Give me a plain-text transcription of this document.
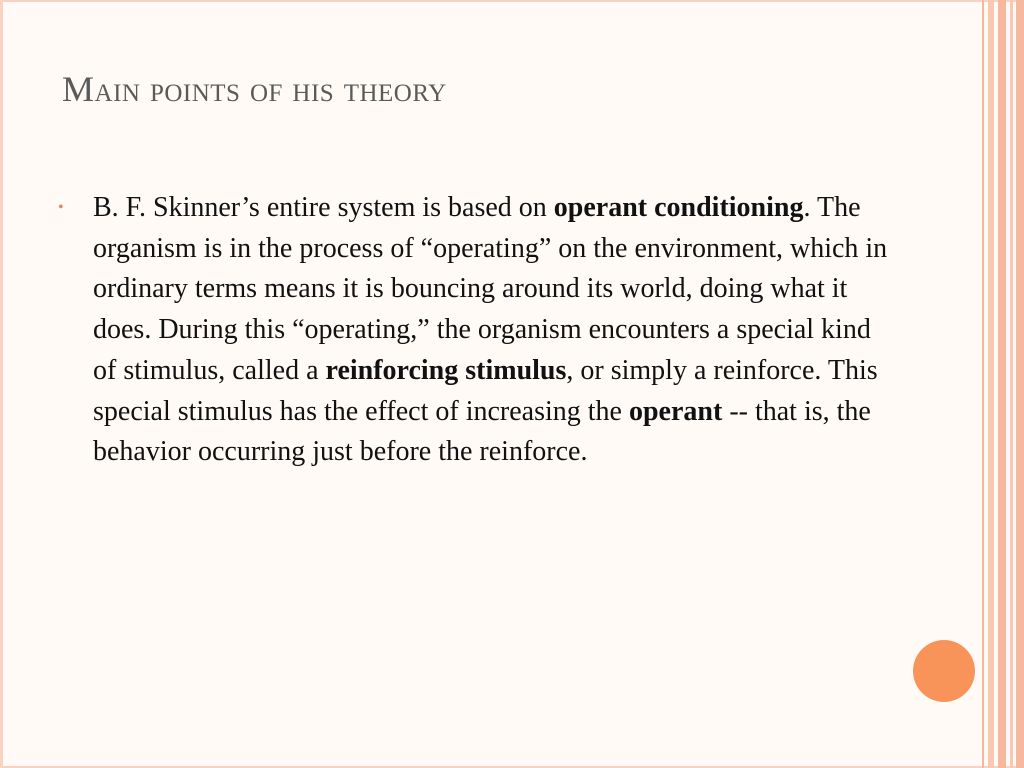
Main points of his theory
• B. F. Skinner’s entire system is based on operant conditioning. The organism is in the process of “operating” on the environment, which in ordinary terms means it is bouncing around its world, doing what it does. During this “operating,” the organism encounters a special kind of stimulus, called a reinforcing stimulus, or simply a reinforce. This special stimulus has the effect of increasing the operant -- that is, the behavior occurring just before the reinforce.
